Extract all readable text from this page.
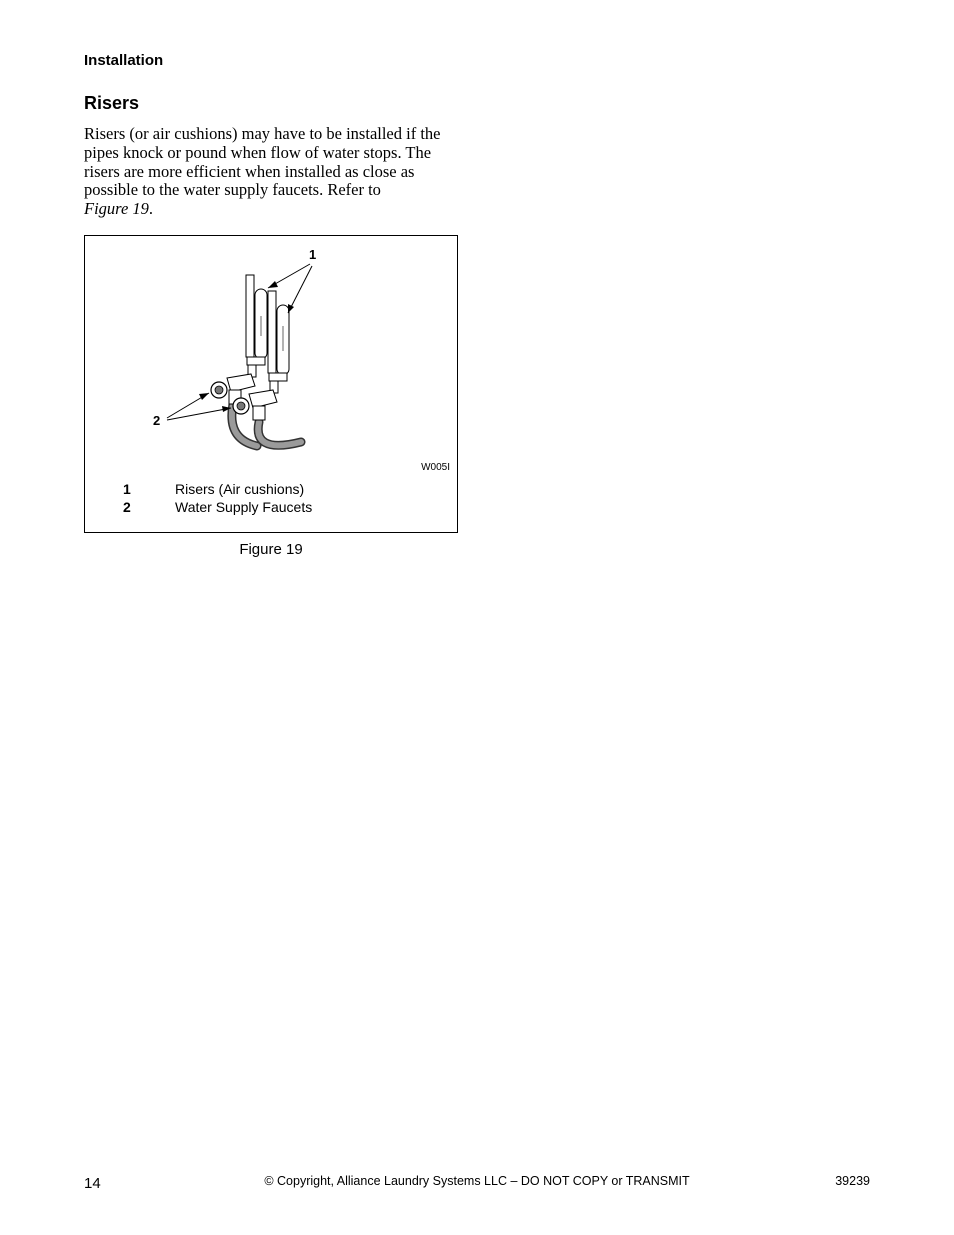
Installation
Risers
Risers (or air cushions) may have to be installed if the
pipes knock or pound when flow of water stops. The
risers are more efficient when installed as close as
possible to the water supply faucets. Refer to
Figure 19.
1
2
W005I
1	Risers (Air cushions)
2	Water Supply Faucets
Figure 19
14	© Copyright, Alliance Laundry Systems LLC – DO NOT COPY or TRANSMIT	39239
